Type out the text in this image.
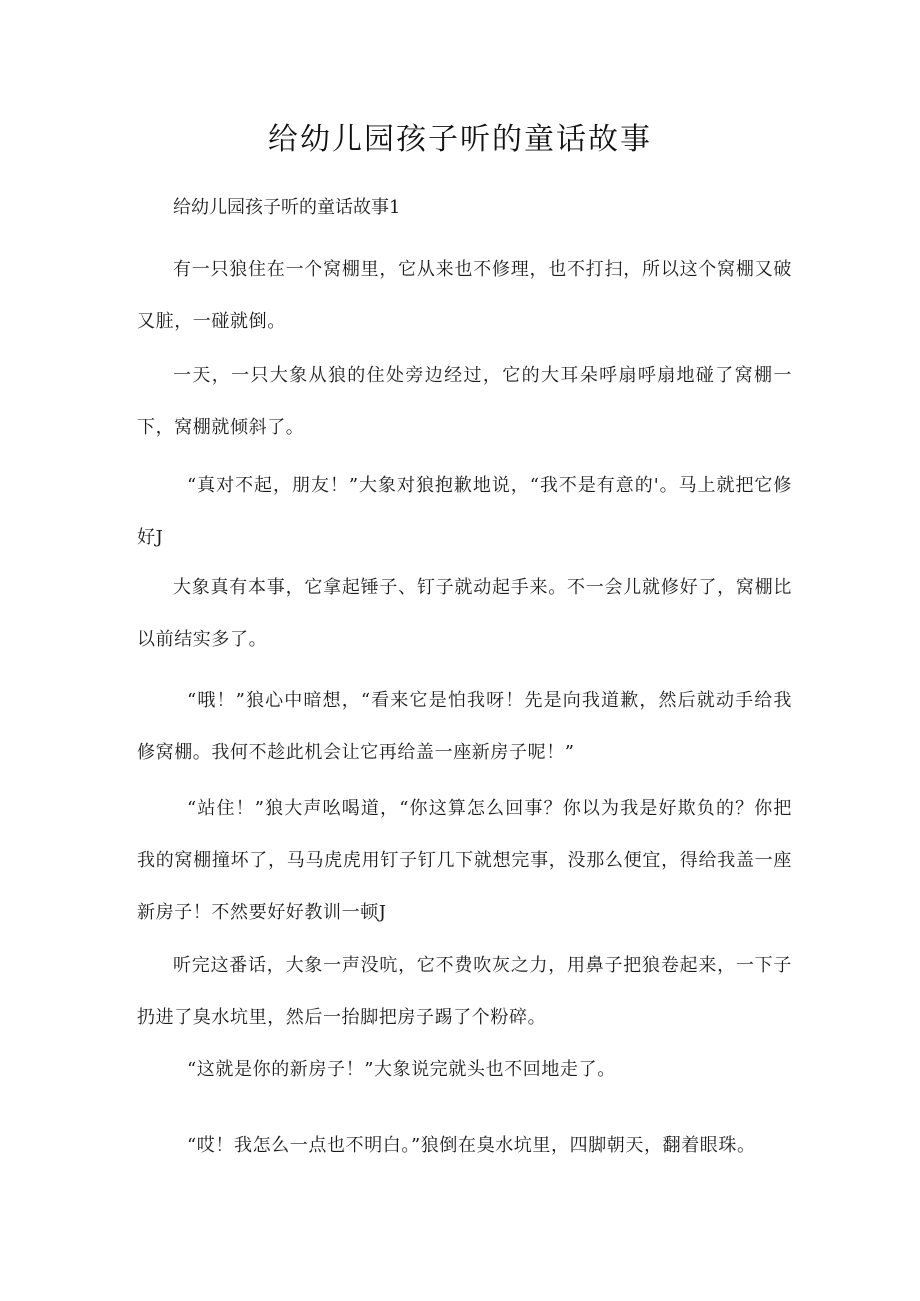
给幼儿园孩子听的童话故事
给幼儿园孩子听的童话故事1
有一只狼住在一个窝棚里，它从来也不修理，也不打扫，所以这个窝棚又破又脏，一碰就倒。
一天，一只大象从狼的住处旁边经过，它的大耳朵呼扇呼扇地碰了窝棚一下，窝棚就倾斜了。
“真对不起，朋友！”大象对狼抱歉地说，“我不是有意的'。马上就把它修好J
大象真有本事，它拿起锤子、钉子就动起手来。不一会儿就修好了，窝棚比以前结实多了。
“哦！”狼心中暗想，“看来它是怕我呀！先是向我道歉，然后就动手给我修窝棚。我何不趁此机会让它再给盖一座新房子呢！”
“站住！”狼大声吆喝道，“你这算怎么回事？你以为我是好欺负的？你把我的窝棚撞坏了，马马虎虎用钉子钉几下就想完事，没那么便宜，得给我盖一座新房子！不然要好好教训一顿J
听完这番话，大象一声没吭，它不费吹灰之力，用鼻子把狼卷起来，一下子扔进了臭水坑里，然后一抬脚把房子踢了个粉碎。
“这就是你的新房子！”大象说完就头也不回地走了。
“哎！我怎么一点也不明白。”狼倒在臭水坑里，四脚朝天，翻着眼珠。
